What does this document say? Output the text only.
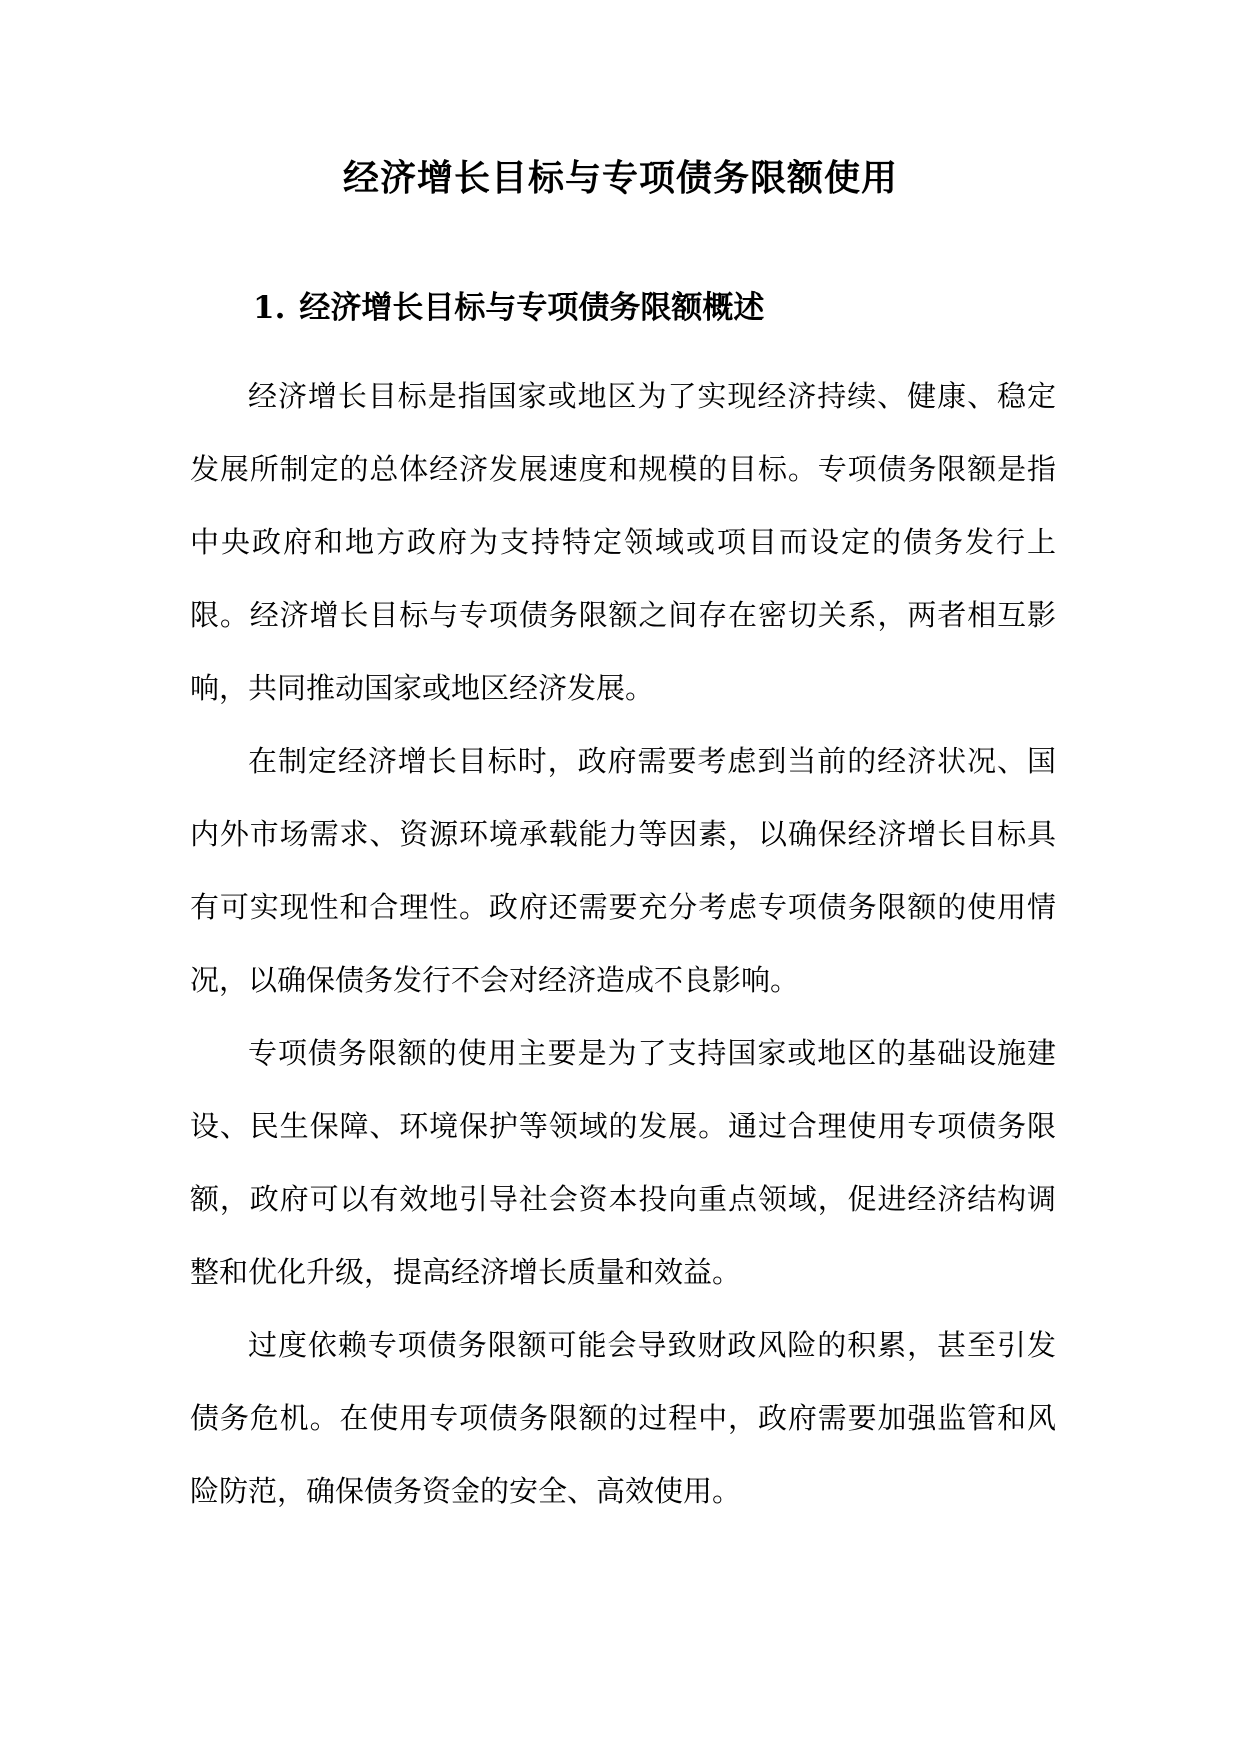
经济增长目标与专项债务限额使用
1. 经济增长目标与专项债务限额概述

经济增长目标是指国家或地区为了实现经济持续、健康、稳定发展所制定的总体经济发展速度和规模的目标。专项债务限额是指中央政府和地方政府为支持特定领域或项目而设定的债务发行上限。经济增长目标与专项债务限额之间存在密切关系，两者相互影响，共同推动国家或地区经济发展。

在制定经济增长目标时，政府需要考虑到当前的经济状况、国内外市场需求、资源环境承载能力等因素，以确保经济增长目标具有可实现性和合理性。政府还需要充分考虑专项债务限额的使用情况，以确保债务发行不会对经济造成不良影响。

专项债务限额的使用主要是为了支持国家或地区的基础设施建设、民生保障、环境保护等领域的发展。通过合理使用专项债务限额，政府可以有效地引导社会资本投向重点领域，促进经济结构调整和优化升级，提高经济增长质量和效益。

过度依赖专项债务限额可能会导致财政风险的积累，甚至引发债务危机。在使用专项债务限额的过程中，政府需要加强监管和风险防范，确保债务资金的安全、高效使用。
